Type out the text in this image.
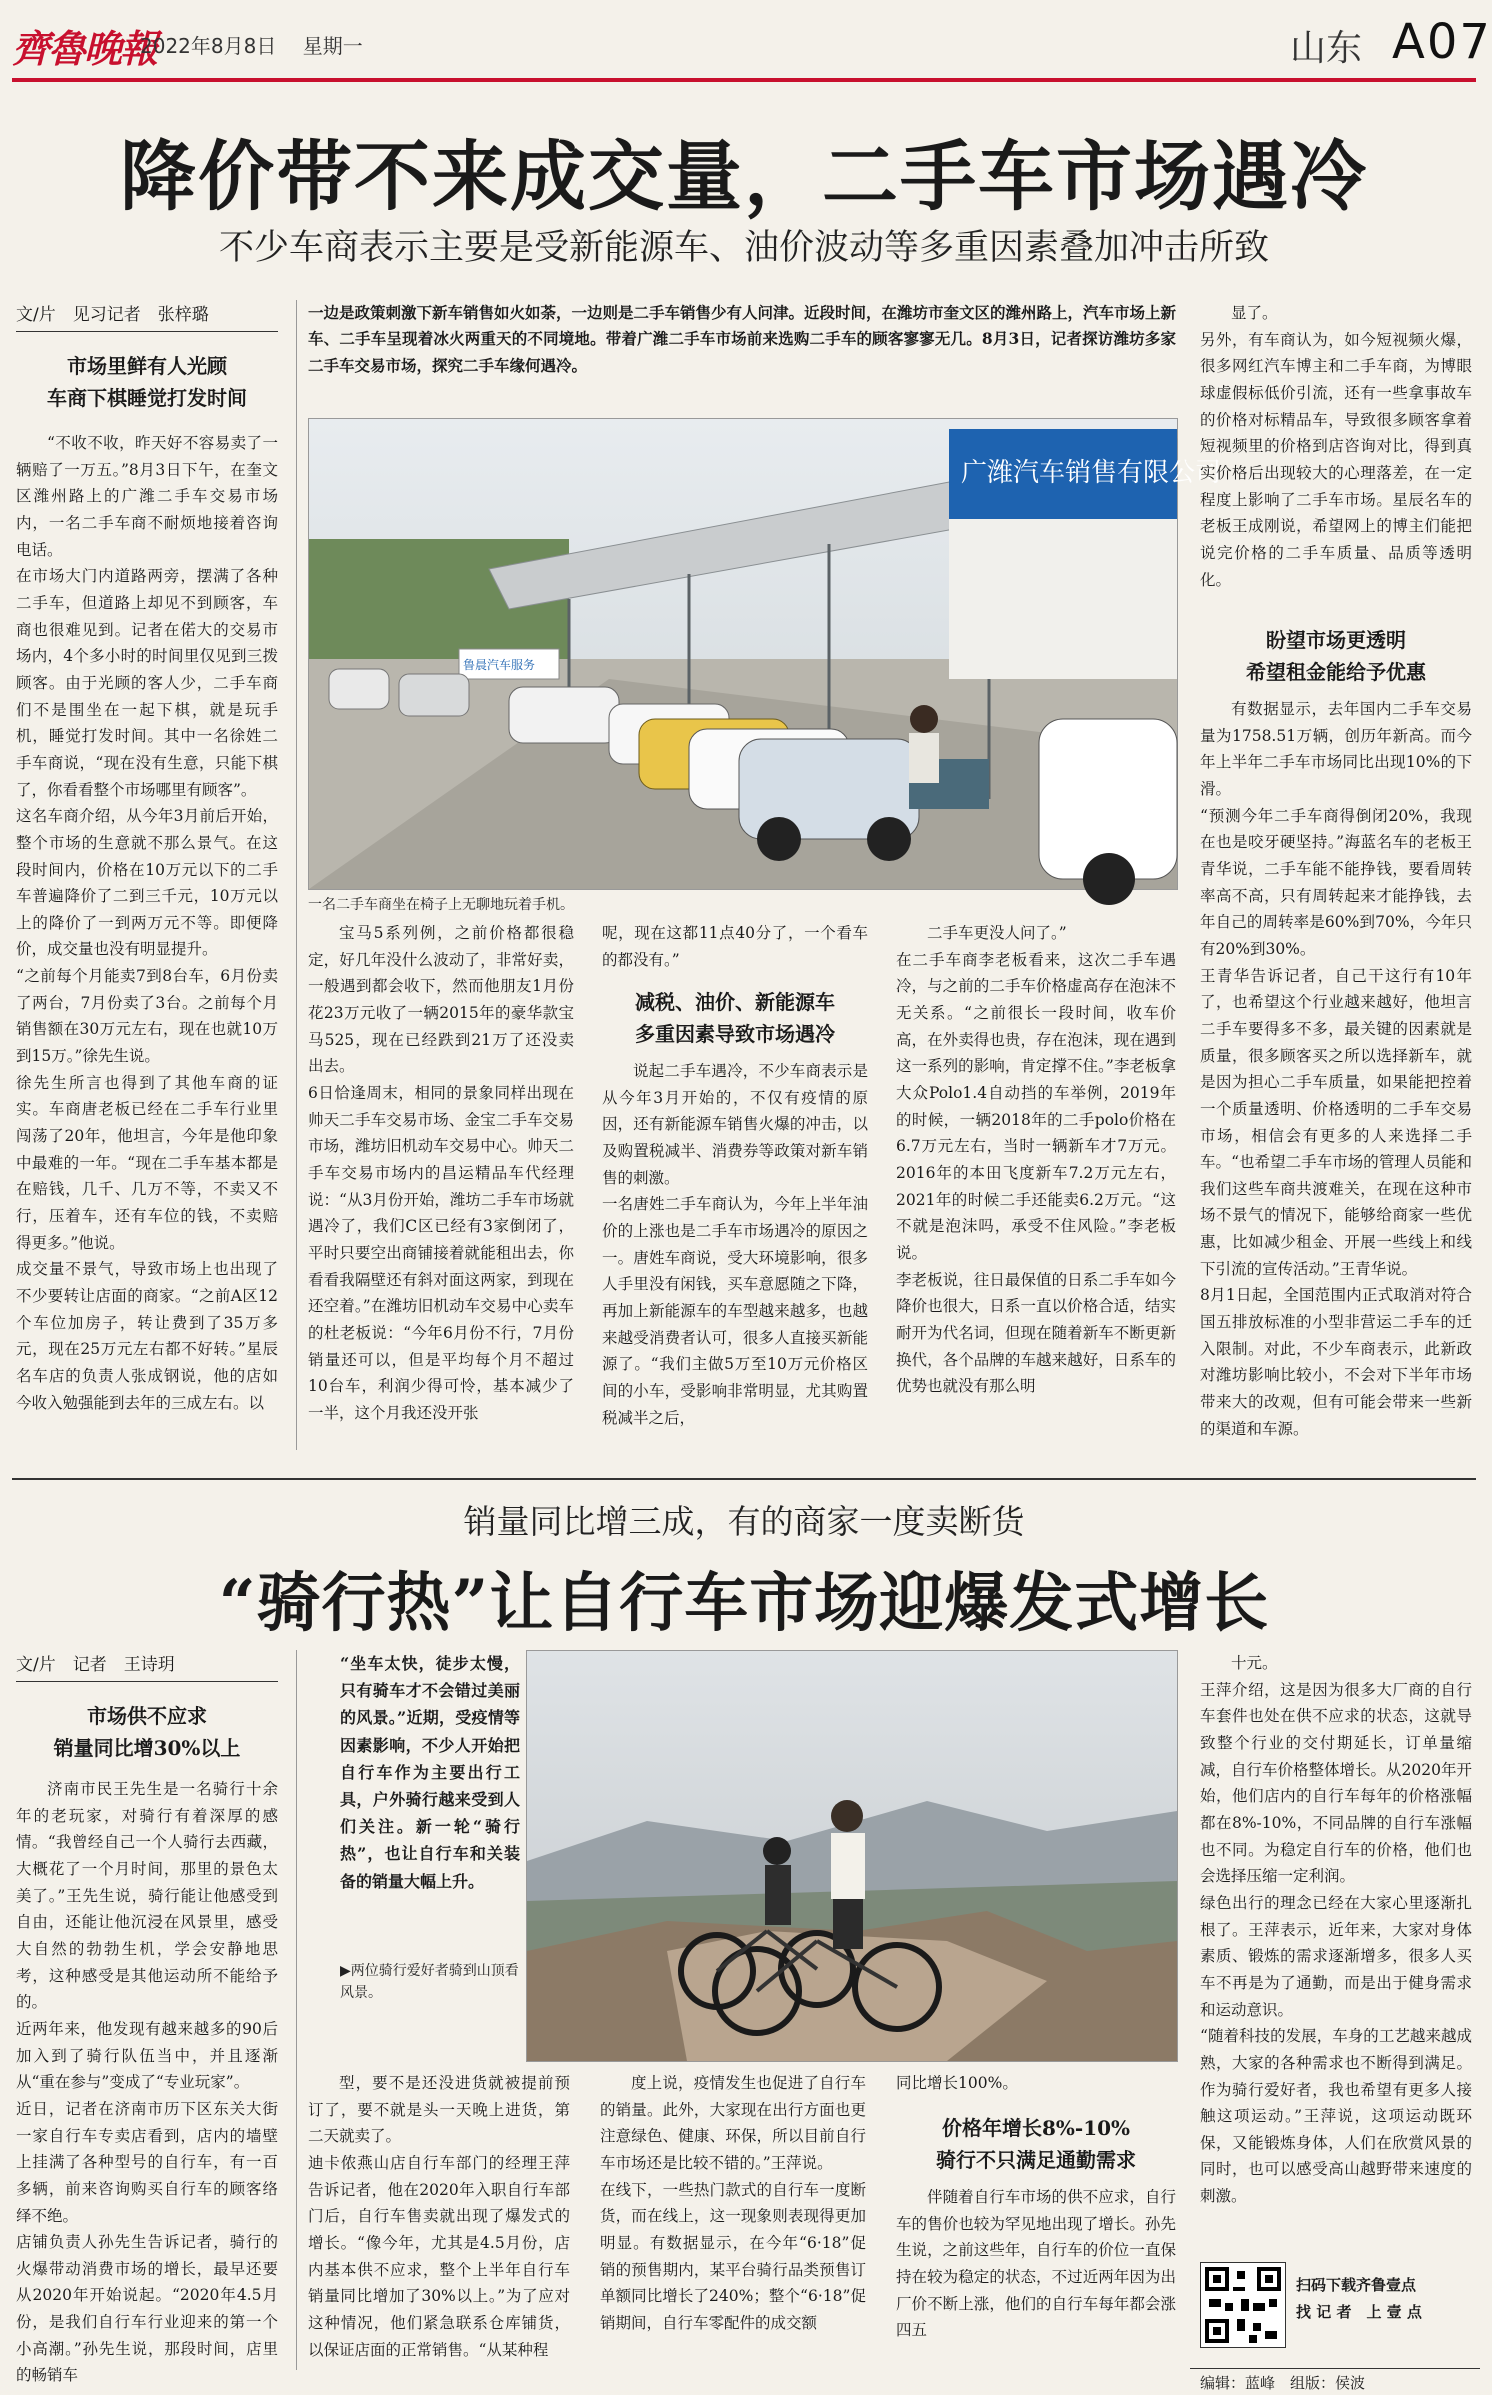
齊魯晚報
2022年8月8日　 星期一	山东 A07
降价带不来成交量，二手车市场遇冷
不少车商表示主要是受新能源车、油价波动等多重因素叠加冲击所致
文/片　见习记者　张梓璐
市场里鲜有人光顾
车商下棋睡觉打发时间
“不收不收，昨天好不容易卖了一辆赔了一万五。”8月3日下午，在奎文区潍州路上的广潍二手车交易市场内，一名二手车商不耐烦地接着咨询电话。
在市场大门内道路两旁，摆满了各种二手车，但道路上却见不到顾客，车商也很难见到。记者在偌大的交易市场内，4个多小时的时间里仅见到三拨顾客。由于光顾的客人少，二手车商们不是围坐在一起下棋，就是玩手机，睡觉打发时间。其中一名徐姓二手车商说，“现在没有生意，只能下棋了，你看看整个市场哪里有顾客”。
这名车商介绍，从今年3月前后开始，整个市场的生意就不那么景气。在这段时间内，价格在10万元以下的二手车普遍降价了二到三千元，10万元以上的降价了一到两万元不等。即便降价，成交量也没有明显提升。
“之前每个月能卖7到8台车，6月份卖了两台，7月份卖了3台。之前每个月销售额在30万元左右，现在也就10万到15万。”徐先生说。
徐先生所言也得到了其他车商的证实。车商唐老板已经在二手车行业里闯荡了20年，他坦言，今年是他印象中最难的一年。“现在二手车基本都是在赔钱，几千、几万不等，不卖又不行，压着车，还有车位的钱，不卖赔得更多。”他说。
成交量不景气，导致市场上也出现了不少要转让店面的商家。“之前A区12个车位加房子，转让费到了35万多元，现在25万元左右都不好转。”星辰名车店的负责人张成钢说，他的店如今收入勉强能到去年的三成左右。以
一边是政策刺激下新车销售如火如荼，一边则是二手车销售少有人问津。近段时间，在潍坊市奎文区的潍州路上，汽车市场上新车、二手车呈现着冰火两重天的不同境地。带着广潍二手车市场前来选购二手车的顾客寥寥无几。8月3日，记者探访潍坊多家二手车交易市场，探究二手车缘何遇冷。
广潍汽车销售有限公司
鲁晨汽车服务
一名二手车商坐在椅子上无聊地玩着手机。
宝马5系列例，之前价格都很稳定，好几年没什么波动了，非常好卖，一般遇到都会收下，然而他朋友1月份花23万元收了一辆2015年的豪华款宝马525，现在已经跌到21万了还没卖出去。
6日恰逢周末，相同的景象同样出现在帅天二手车交易市场、金宝二手车交易市场，潍坊旧机动车交易中心。帅天二手车交易市场内的昌运精品车代经理说：“从3月份开始，潍坊二手车市场就遇冷了，我们C区已经有3家倒闭了，平时只要空出商铺接着就能租出去，你看看我隔壁还有斜对面这两家，到现在还空着。”在潍坊旧机动车交易中心卖车的杜老板说：“今年6月份不行，7月份销量还可以，但是平均每个月不超过10台车，利润少得可怜，基本减少了一半，这个月我还没开张
呢，现在这都11点40分了，一个看车的都没有。”
减税、油价、新能源车
多重因素导致市场遇冷
说起二手车遇冷，不少车商表示是从今年3月开始的，不仅有疫情的原因，还有新能源车销售火爆的冲击，以及购置税减半、消费券等政策对新车销售的刺激。
一名唐姓二手车商认为，今年上半年油价的上涨也是二手车市场遇冷的原因之一。唐姓车商说，受大环境影响，很多人手里没有闲钱，买车意愿随之下降，再加上新能源车的车型越来越多，也越来越受消费者认可，很多人直接买新能源了。“我们主做5万至10万元价格区间的小车，受影响非常明显，尤其购置税减半之后，
二手车更没人问了。”
在二手车商李老板看来，这次二手车遇冷，与之前的二手车价格虚高存在泡沫不无关系。“之前很长一段时间，收车价高，在外卖得也贵，存在泡沫，现在遇到这一系列的影响，肯定撑不住。”李老板拿大众Polo1.4自动挡的车举例，2019年的时候，一辆2018年的二手polo价格在6.7万元左右，当时一辆新车才7万元。2016年的本田飞度新车7.2万元左右，2021年的时候二手还能卖6.2万元。“这不就是泡沫吗，承受不住风险。”李老板说。
李老板说，往日最保值的日系二手车如今降价也很大，日系一直以价格合适，结实耐开为代名词，但现在随着新车不断更新换代，各个品牌的车越来越好，日系车的优势也就没有那么明
显了。
另外，有车商认为，如今短视频火爆，很多网红汽车博主和二手车商，为博眼球虚假标低价引流，还有一些拿事故车的价格对标精品车，导致很多顾客拿着短视频里的价格到店咨询对比，得到真实价格后出现较大的心理落差，在一定程度上影响了二手车市场。星辰名车的老板王成刚说，希望网上的博主们能把说完价格的二手车质量、品质等透明化。
盼望市场更透明
希望租金能给予优惠
有数据显示，去年国内二手车交易量为1758.51万辆，创历年新高。而今年上半年二手车市场同比出现10%的下滑。
“预测今年二手车商得倒闭20%，我现在也是咬牙硬坚持。”海蓝名车的老板王青华说，二手车能不能挣钱，要看周转率高不高，只有周转起来才能挣钱，去年自己的周转率是60%到70%，今年只有20%到30%。
王青华告诉记者，自己干这行有10年了，也希望这个行业越来越好，他坦言二手车要得多不多，最关键的因素就是质量，很多顾客买之所以选择新车，就是因为担心二手车质量，如果能把控着一个质量透明、价格透明的二手车交易市场，相信会有更多的人来选择二手车。“也希望二手车市场的管理人员能和我们这些车商共渡难关，在现在这种市场不景气的情况下，能够给商家一些优惠，比如减少租金、开展一些线上和线下引流的宣传活动。”王青华说。
8月1日起，全国范围内正式取消对符合国五排放标准的小型非营运二手车的迁入限制。对此，不少车商表示，此新政对潍坊影响比较小，不会对下半年市场带来大的改观，但有可能会带来一些新的渠道和车源。
销量同比增三成，有的商家一度卖断货
“骑行热”让自行车市场迎爆发式增长
文/片　记者　王诗玥
市场供不应求
销量同比增30%以上
济南市民王先生是一名骑行十余年的老玩家，对骑行有着深厚的感情。“我曾经自己一个人骑行去西藏，大概花了一个月时间，那里的景色太美了。”王先生说，骑行能让他感受到自由，还能让他沉浸在风景里，感受大自然的勃勃生机，学会安静地思考，这种感受是其他运动所不能给予的。
近两年来，他发现有越来越多的90后加入到了骑行队伍当中，并且逐渐从“重在参与”变成了“专业玩家”。
近日，记者在济南市历下区东关大街一家自行车专卖店看到，店内的墙壁上挂满了各种型号的自行车，有一百多辆，前来咨询购买自行车的顾客络绎不绝。
店铺负责人孙先生告诉记者，骑行的火爆带动消费市场的增长，最早还要从2020年开始说起。“2020年4.5月份，是我们自行车行业迎来的第一个小高潮。”孙先生说，那段时间，店里的畅销车
“坐车太快，徒步太慢，只有骑车才不会错过美丽的风景。”近期，受疫情等因素影响，不少人开始把自行车作为主要出行工具，户外骑行越来受到人们关注。新一轮“骑行热”，也让自行车和关装备的销量大幅上升。
▶两位骑行爱好者骑到山顶看风景。
型，要不是还没进货就被提前预订了，要不就是头一天晚上进货，第二天就卖了。
迪卡侬燕山店自行车部门的经理王萍告诉记者，他在2020年入职自行车部门后，自行车售卖就出现了爆发式的增长。“像今年，尤其是4.5月份，店内基本供不应求，整个上半年自行车销量同比增加了30%以上。”为了应对这种情况，他们紧急联系仓库铺货，以保证店面的正常销售。“从某种程
度上说，疫情发生也促进了自行车的销量。此外，大家现在出行方面也更注意绿色、健康、环保，所以目前自行车市场还是比较不错的。”王萍说。
在线下，一些热门款式的自行车一度断货，而在线上，这一现象则表现得更加明显。有数据显示，在今年“6·18”促销的预售期内，某平台骑行品类预售订单额同比增长了240%；整个“6·18”促销期间，自行车零配件的成交额
同比增长100%。
价格年增长8%-10%
骑行不只满足通勤需求
伴随着自行车市场的供不应求，自行车的售价也较为罕见地出现了增长。孙先生说，之前这些年，自行车的价位一直保持在较为稳定的状态，不过近两年因为出厂价不断上涨，他们的自行车每年都会涨四五
十元。
王萍介绍，这是因为很多大厂商的自行车套件也处在供不应求的状态，这就导致整个行业的交付期延长，订单量缩减，自行车价格整体增长。从2020年开始，他们店内的自行车每年的价格涨幅都在8%-10%，不同品牌的自行车涨幅也不同。为稳定自行车的价格，他们也会选择压缩一定利润。
绿色出行的理念已经在大家心里逐渐扎根了。王萍表示，近年来，大家对身体素质、锻炼的需求逐渐增多，很多人买车不再是为了通勤，而是出于健身需求和运动意识。
“随着科技的发展，车身的工艺越来越成熟，大家的各种需求也不断得到满足。作为骑行爱好者，我也希望有更多人接触这项运动。”王萍说，这项运动既环保，又能锻炼身体，人们在欣赏风景的同时，也可以感受高山越野带来速度的刺激。
扫码下载齐鲁壹点
找 记 者　上 壹 点
编辑：蓝峰　组版：侯波
